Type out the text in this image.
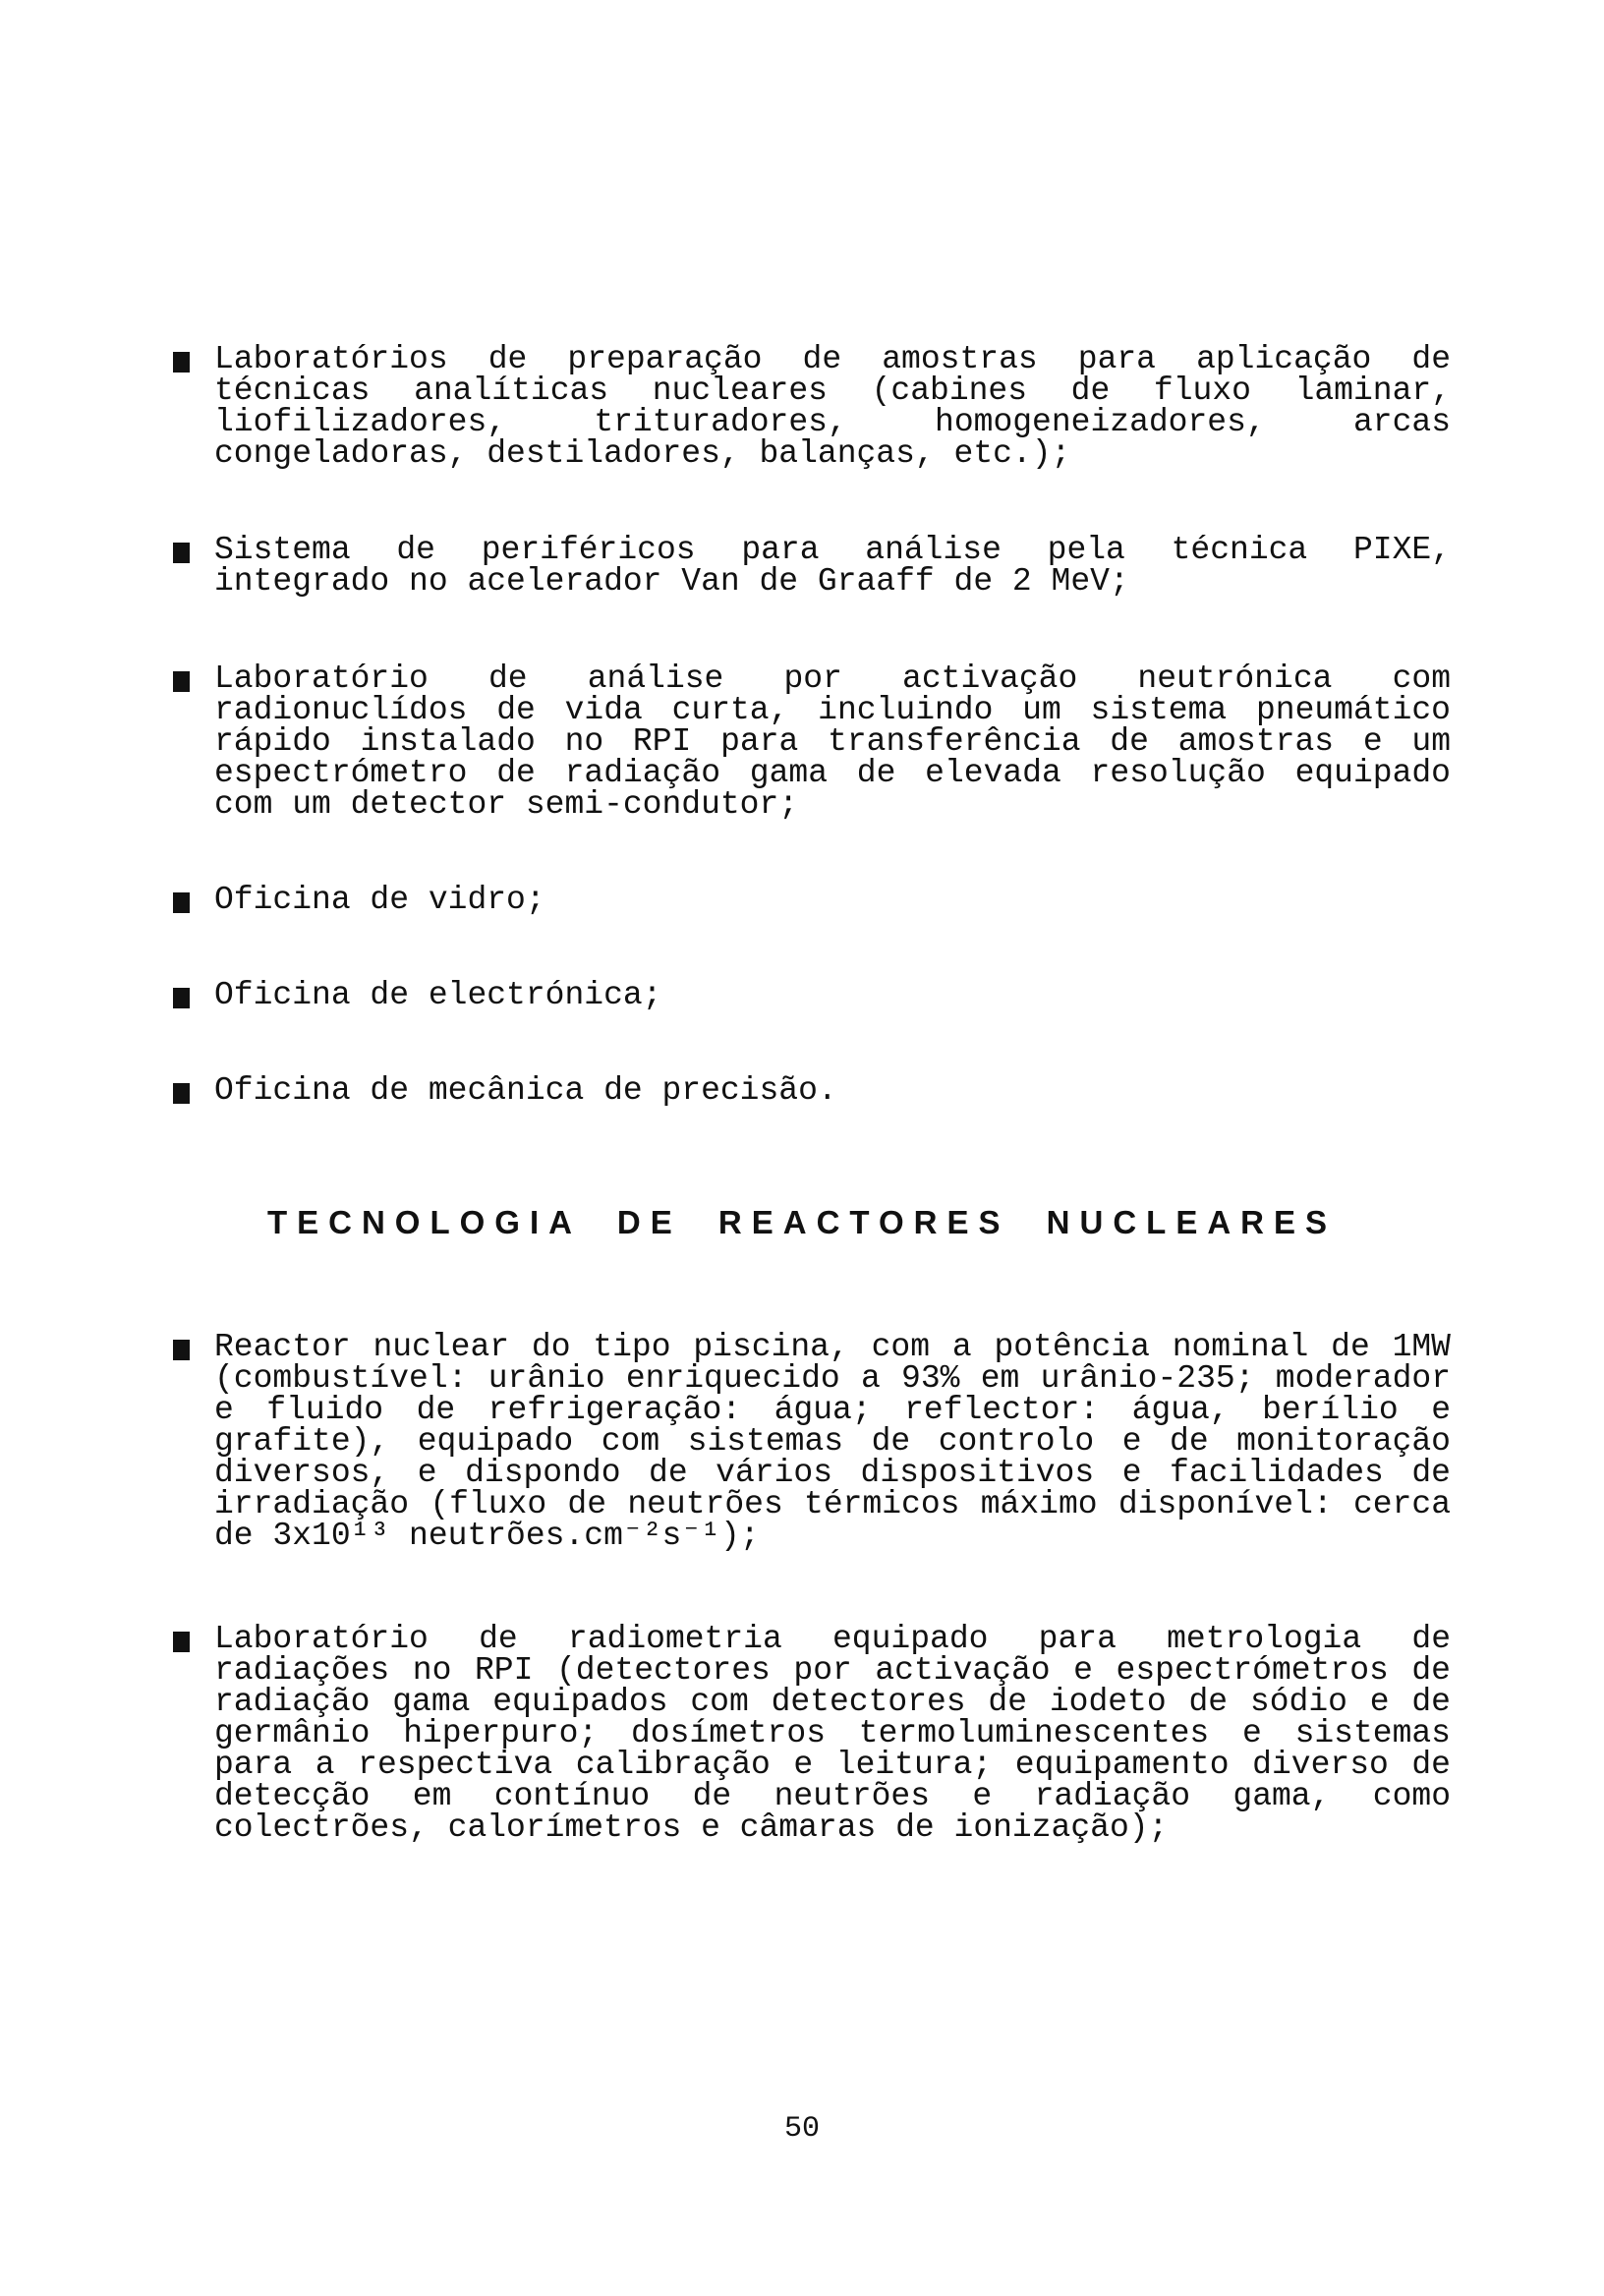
Laboratórios de preparação de amostras para aplicação de técnicas analíticas nucleares (cabines de fluxo laminar, liofilizadores, trituradores, homogeneizadores, arcas congeladoras, destiladores, balanças, etc.);
Sistema de periféricos para análise pela técnica PIXE, integrado no acelerador Van de Graaff de 2 MeV;
Laboratório de análise por activação neutrónica com radionuclídos de vida curta, incluindo um sistema pneumático rápido instalado no RPI para transferência de amostras e um espectrómetro de radiação gama de elevada resolução equipado com um detector semi-condutor;
Oficina de vidro;
Oficina de electrónica;
Oficina de mecânica de precisão.
TECNOLOGIA DE REACTORES NUCLEARES
Reactor nuclear do tipo piscina, com a potência nominal de 1MW (combustível: urânio enriquecido a 93% em urânio-235; moderador e fluido de refrigeração: água; reflector: água, berílio e grafite), equipado com sistemas de controlo e de monitoração diversos, e dispondo de vários dispositivos e facilidades de irradiação (fluxo de neutrões térmicos máximo disponível: cerca de 3x10¹³ neutrões.cm⁻²s⁻¹);
Laboratório de radiometria equipado para metrologia de radiações no RPI (detectores por activação e espectrómetros de radiação gama equipados com detectores de iodeto de sódio e de germânio hiperpuro; dosímetros termoluminescentes e sistemas para a respectiva calibração e leitura; equipamento diverso de detecção em contínuo de neutrões e radiação gama, como colectrões, calorímetros e câmaras de ionização);
50
